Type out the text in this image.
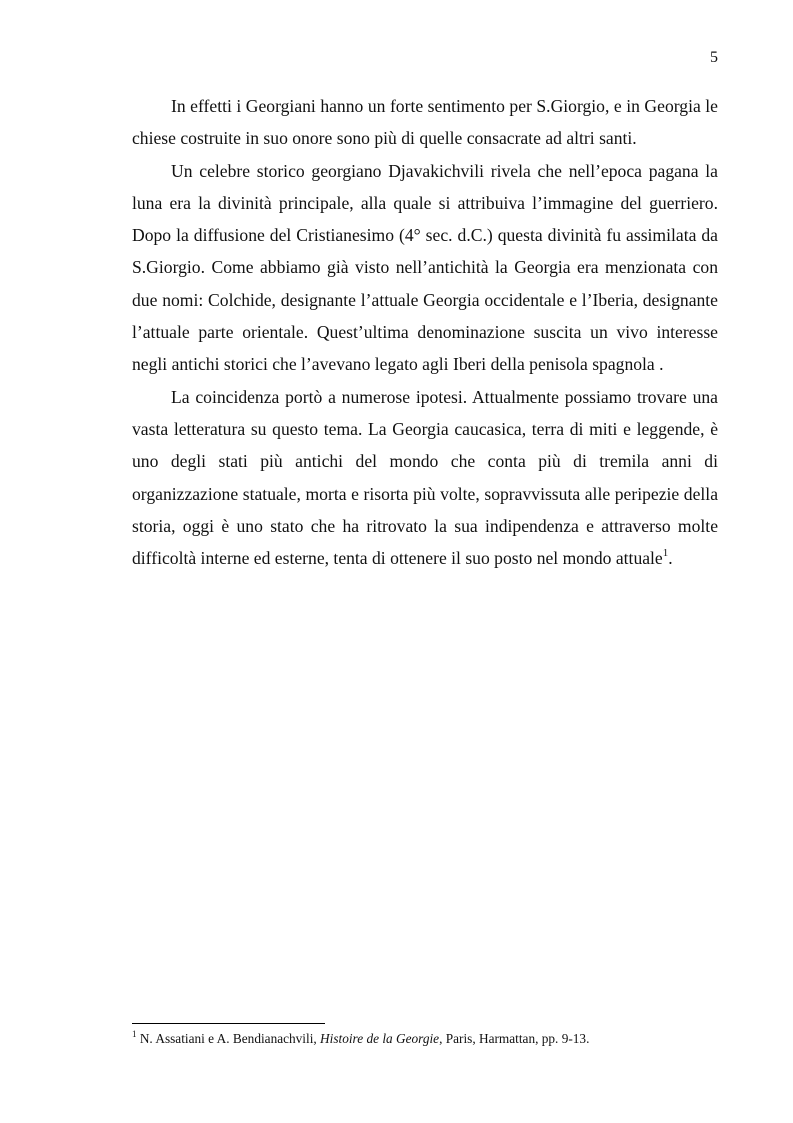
5

In effetti i Georgiani hanno un forte sentimento per S.Giorgio, e in Georgia le chiese costruite in suo onore sono più di quelle consacrate ad altri santi.

Un celebre storico georgiano Djavakichvili rivela che nell’epoca pagana la luna era la divinità principale, alla quale si attribuiva l’immagine del guerriero. Dopo la diffusione del Cristianesimo (4° sec. d.C.) questa divinità fu assimilata da S.Giorgio. Come abbiamo già visto nell’antichità la Georgia era menzionata con due nomi: Colchide, designante l’attuale Georgia occidentale e l’Iberia, designante l’attuale parte orientale. Quest’ultima denominazione suscita un vivo interesse negli antichi storici che l’avevano legato agli Iberi della penisola spagnola .

La coincidenza portò a numerose ipotesi. Attualmente possiamo trovare una vasta letteratura su questo tema. La Georgia caucasica, terra di miti e leggende, è uno degli stati più antichi del mondo che conta più di tremila anni di organizzazione statuale, morta e risorta più volte, sopravvissuta alle peripezie della storia, oggi è uno stato che ha ritrovato la sua indipendenza e attraverso molte difficoltà interne ed esterne, tenta di ottenere il suo posto nel mondo attuale$^1$.

$^1$ N. Assatiani e A. Bendianachvili, Histoire de la Georgie, Paris, Harmattan, pp. 9-13.
